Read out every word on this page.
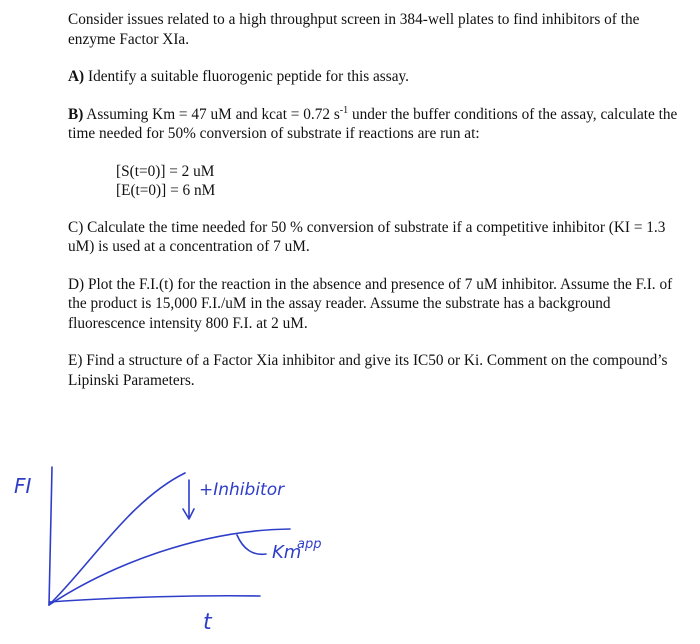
Consider issues related to a high throughput screen in 384-well plates to find inhibitors of the enzyme Factor XIa.

A) Identify a suitable fluorogenic peptide for this assay.

B) Assuming Km = 47 uM and kcat = 0.72 $s^{-1}$ under the buffer conditions of the assay, calculate the time needed for 50% conversion of substrate if reactions are run at:

[S(t=0)] = 2 uM
[E(t=0)] = 6 nM

C) Calculate the time needed for 50 % conversion of substrate if a competitive inhibitor (KI = 1.3 uM) is used at a concentration of 7 uM.

D) Plot the F.I.(t) for the reaction in the absence and presence of 7 uM inhibitor. Assume the F.I. of the product is 15,000 F.I./uM in the assay reader. Assume the substrate has a background fluorescence intensity 800 F.I. at 2 uM.

E) Find a structure of a Factor Xia inhibitor and give its IC50 or Ki. Comment on the compound’s Lipinski Parameters.

FI
t
+Inhibitor
Km
app
